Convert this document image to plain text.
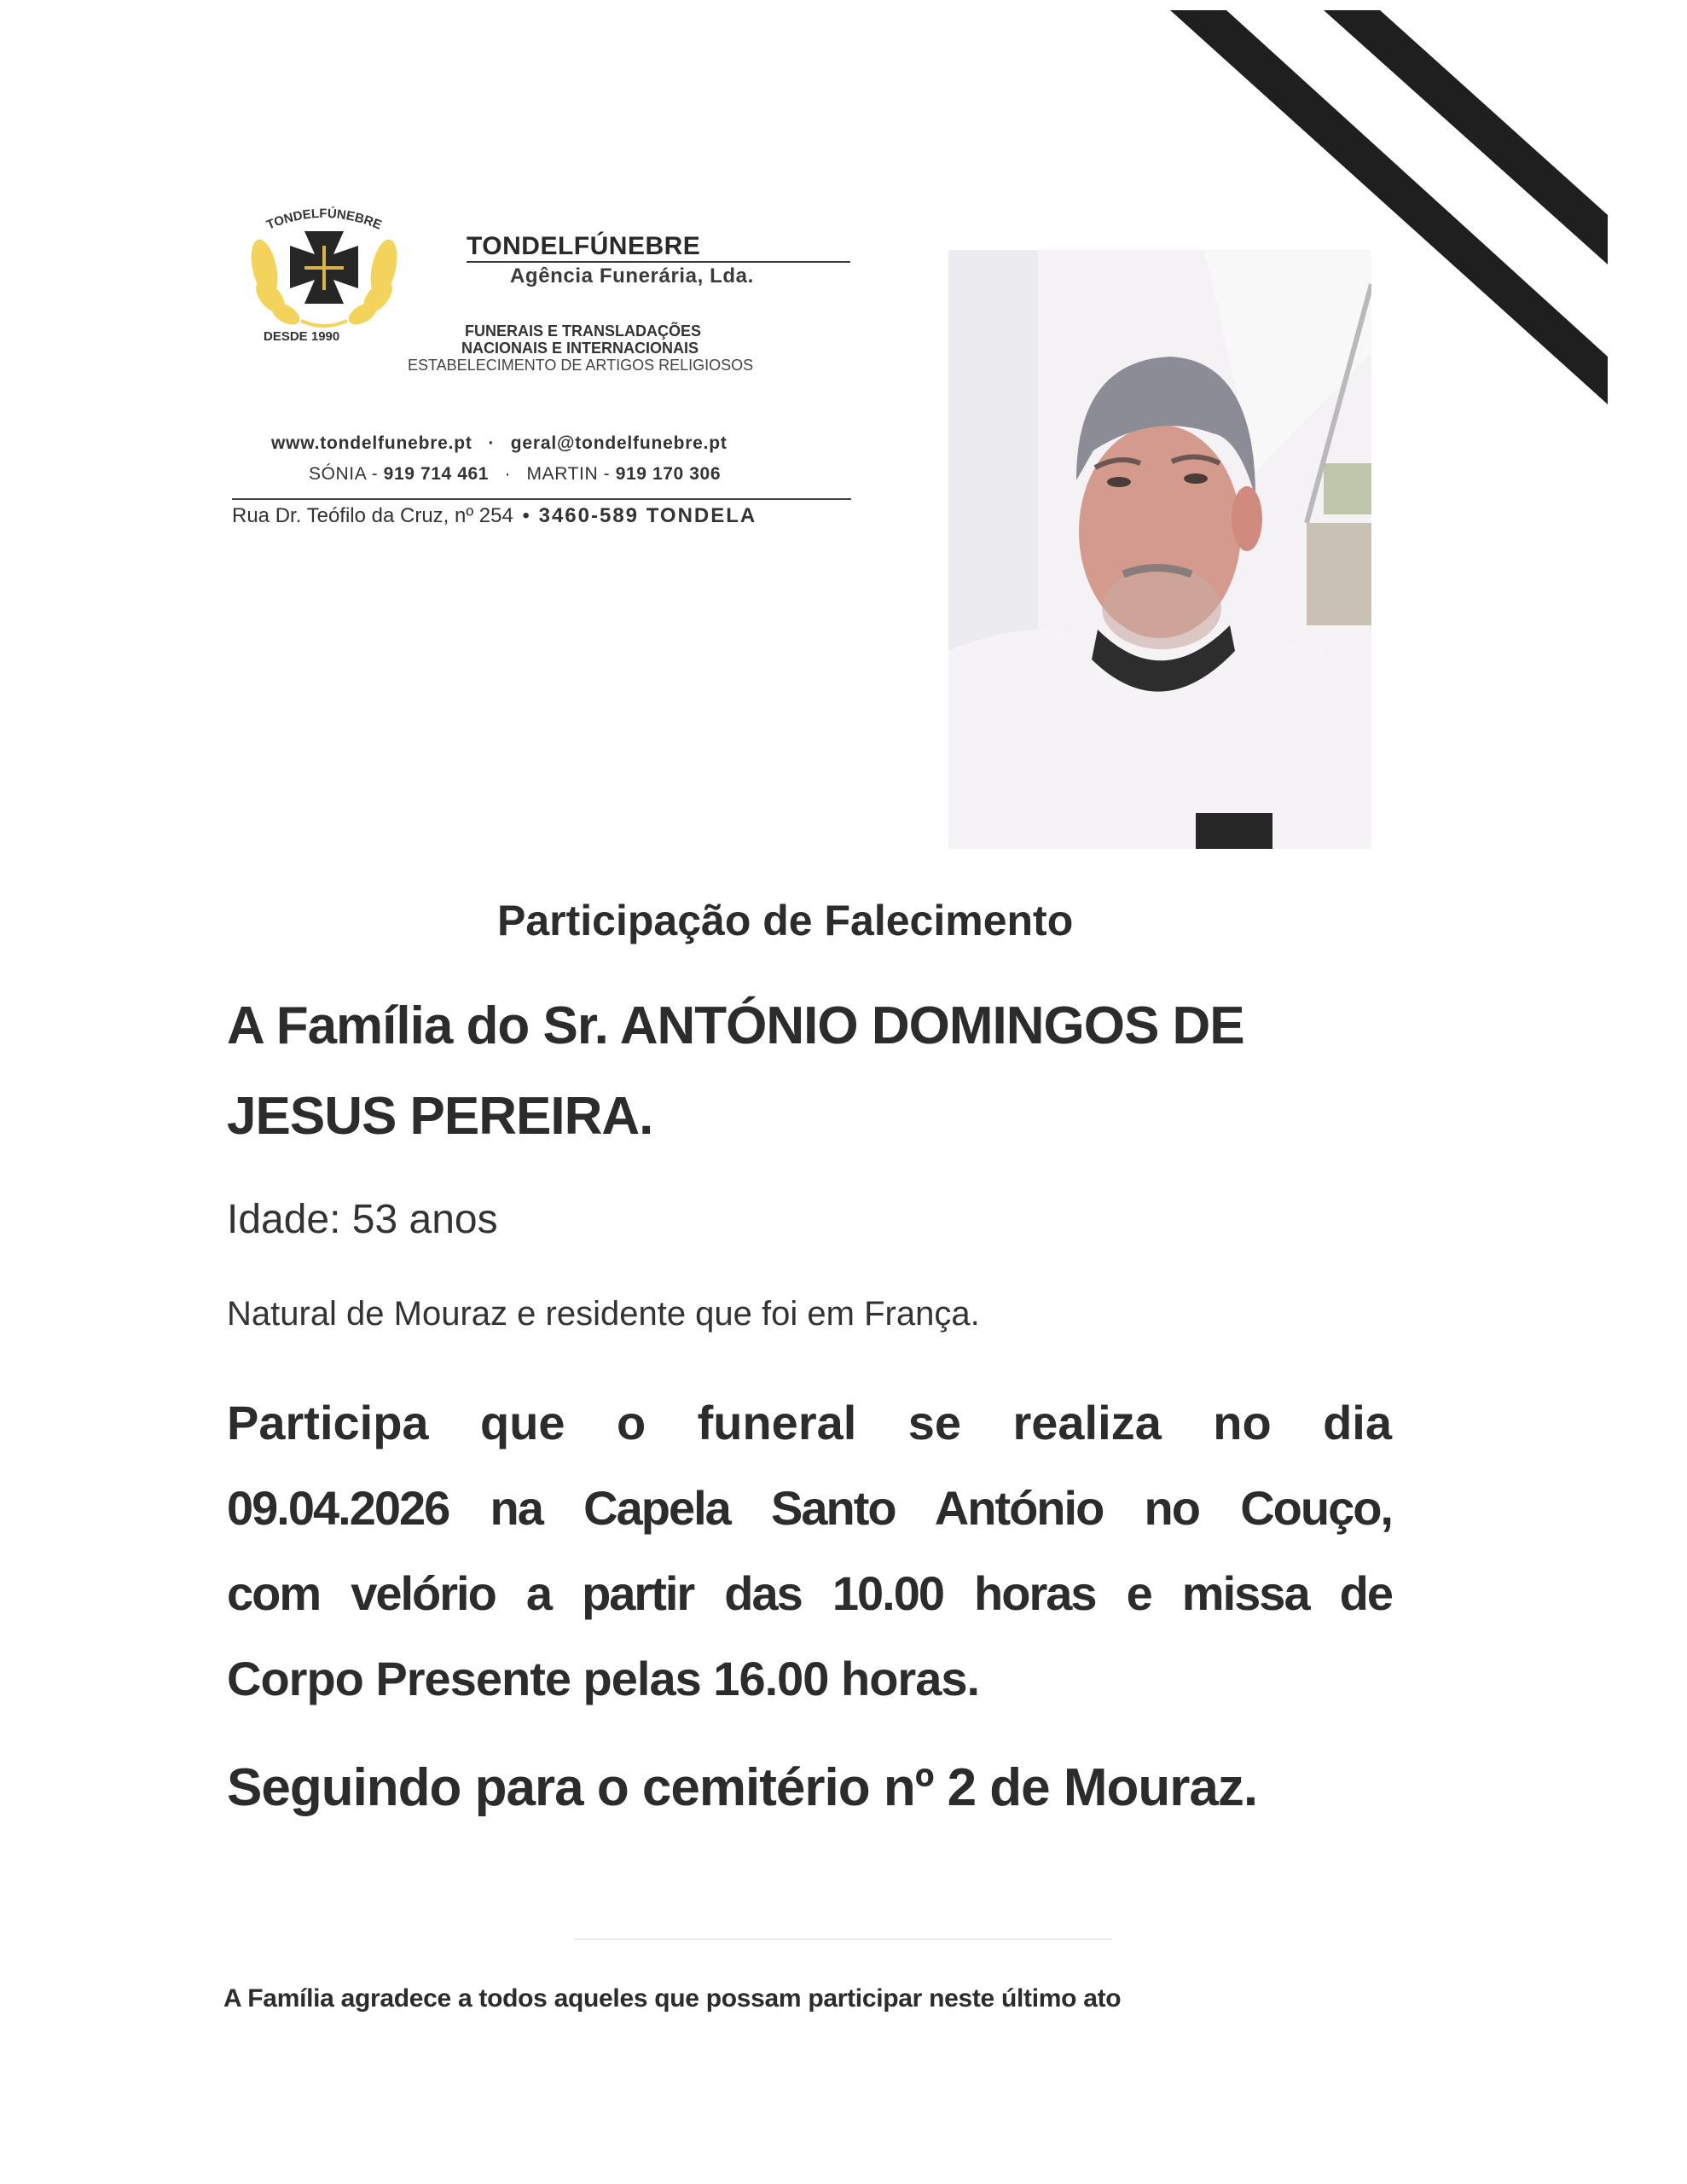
TONDELFÚNEBRE
DESDE 1990
TONDELFÚNEBRE
Agência Funerária, Lda.
FUNERAIS E TRANSLADAÇÕES
NACIONAIS E INTERNACIONAIS
ESTABELECIMENTO DE ARTIGOS RELIGIOSOS
www.tondelfunebre.pt · geral@tondelfunebre.pt
SÓNIA - 919 714 461 · MARTIN - 919 170 306
Rua Dr. Teófilo da Cruz, nº 254 • 3460-589 TONDELA
Participação de Falecimento
A Família do Sr. ANTÓNIO DOMINGOS DE
JESUS PEREIRA.
Idade: 53 anos
Natural de Mouraz e residente que foi em França.
Participa que o funeral se realiza no dia
09.04.2026 na Capela Santo António no Couço,
com velório a partir das 10.00 horas e missa de
Corpo Presente pelas 16.00 horas.
Seguindo para o cemitério nº 2 de Mouraz.
A Família agradece a todos aqueles que possam participar neste último ato
